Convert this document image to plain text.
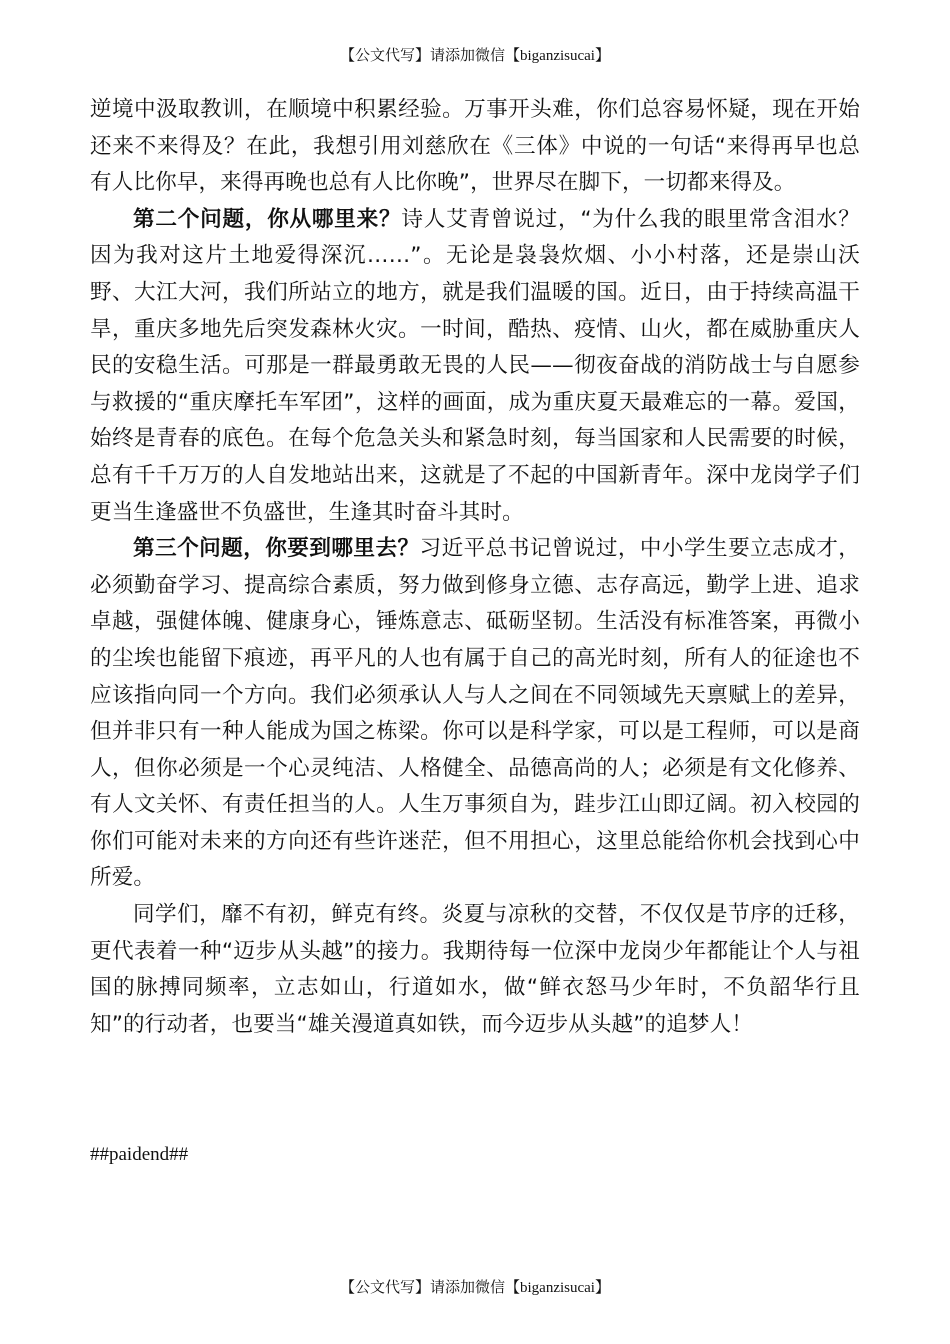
【公文代写】请添加微信【biganzisucai】

逆境中汲取教训，在顺境中积累经验。万事开头难，你们总容易怀疑，现在开始还来不来得及？在此，我想引用刘慈欣在《三体》中说的一句话“来得再早也总有人比你早，来得再晚也总有人比你晚”，世界尽在脚下，一切都来得及。

第二个问题，你从哪里来？诗人艾青曾说过，“为什么我的眼里常含泪水？因为我对这片土地爱得深沉……”。无论是袅袅炊烟、小小村落，还是崇山沃野、大江大河，我们所站立的地方，就是我们温暖的国。近日，由于持续高温干旱，重庆多地先后突发森林火灾。一时间，酷热、疫情、山火，都在威胁重庆人民的安稳生活。可那是一群最勇敢无畏的人民——彻夜奋战的消防战士与自愿参与救援的“重庆摩托车军团”，这样的画面，成为重庆夏天最难忘的一幕。爱国，始终是青春的底色。在每个危急关头和紧急时刻，每当国家和人民需要的时候，总有千千万万的人自发地站出来，这就是了不起的中国新青年。深中龙岗学子们更当生逢盛世不负盛世，生逢其时奋斗其时。

第三个问题，你要到哪里去？习近平总书记曾说过，中小学生要立志成才，必须勤奋学习、提高综合素质，努力做到修身立德、志存高远，勤学上进、追求卓越，强健体魄、健康身心，锤炼意志、砥砺坚韧。生活没有标准答案，再微小的尘埃也能留下痕迹，再平凡的人也有属于自己的高光时刻，所有人的征途也不应该指向同一个方向。我们必须承认人与人之间在不同领域先天禀赋上的差异，但并非只有一种人能成为国之栋梁。你可以是科学家，可以是工程师，可以是商人，但你必须是一个心灵纯洁、人格健全、品德高尚的人；必须是有文化修养、有人文关怀、有责任担当的人。人生万事须自为，跬步江山即辽阔。初入校园的你们可能对未来的方向还有些许迷茫，但不用担心，这里总能给你机会找到心中所爱。

同学们，靡不有初，鲜克有终。炎夏与凉秋的交替，不仅仅是节序的迁移，更代表着一种“迈步从头越”的接力。我期待每一位深中龙岗少年都能让个人与祖国的脉搏同频率，立志如山，行道如水，做“鲜衣怒马少年时，不负韶华行且知”的行动者，也要当“雄关漫道真如铁，而今迈步从头越”的追梦人！

##paidend##
【公文代写】请添加微信【biganzisucai】
